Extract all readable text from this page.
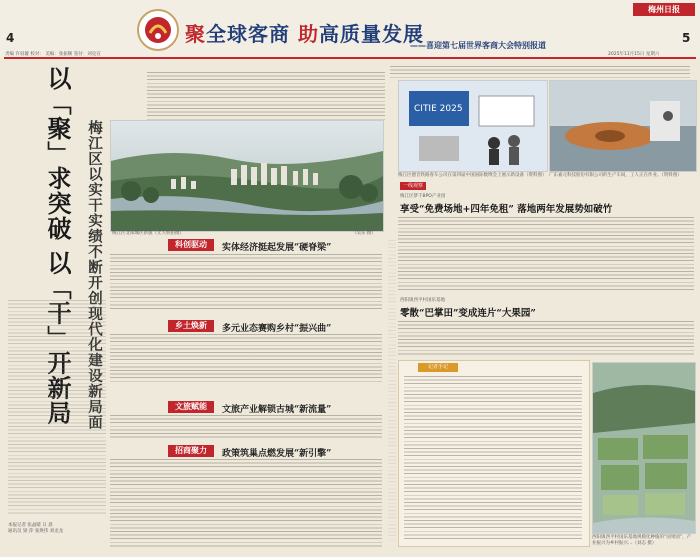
4	5
聚全球客商 助高质量发展
——喜迎第七届世界客商大会特别报道
梅州日报
责编 许羽璇 校对： 美编：张振顺 签付：刘克宣	2025年11月15日 星期六
以「聚」求突破 以「干」开新局 梅江区以实干实绩不断开创现代化建设新局面
本报记者 张晶暖 日 晨
通讯员 梁 萍 张焕伟 刘龙龙
梅江区北部城区新貌（无人机拍摄）	（吴东 摄）
科创驱动	实体经济挺起发展“硬脊梁”
乡土焕新	多元业态赛购乡村“振兴曲”
文旅赋能	文旅产业解锁古城“新流量”
招商聚力	政策筑巢点燃发展“新引擎”
CITIE 2025
梅江区德音铁路客车公司在第四届中国国际数博会上展示新设备（资料图） 广东嘉元科技股份有限公司的生产车间，工人正在作业。（资料图）
一线观察
梅江区梦千BPO产业园
享受“免费场地+四年免租” 落地两年发展势如破竹
西阳镇西平村国乐基地
零散“巴掌田”变成连片“大果园”
记者手记
西阳镇西平村国乐基地规模化种植的“国果园”，产业振兴为乡村振兴…（刘志 摄）
